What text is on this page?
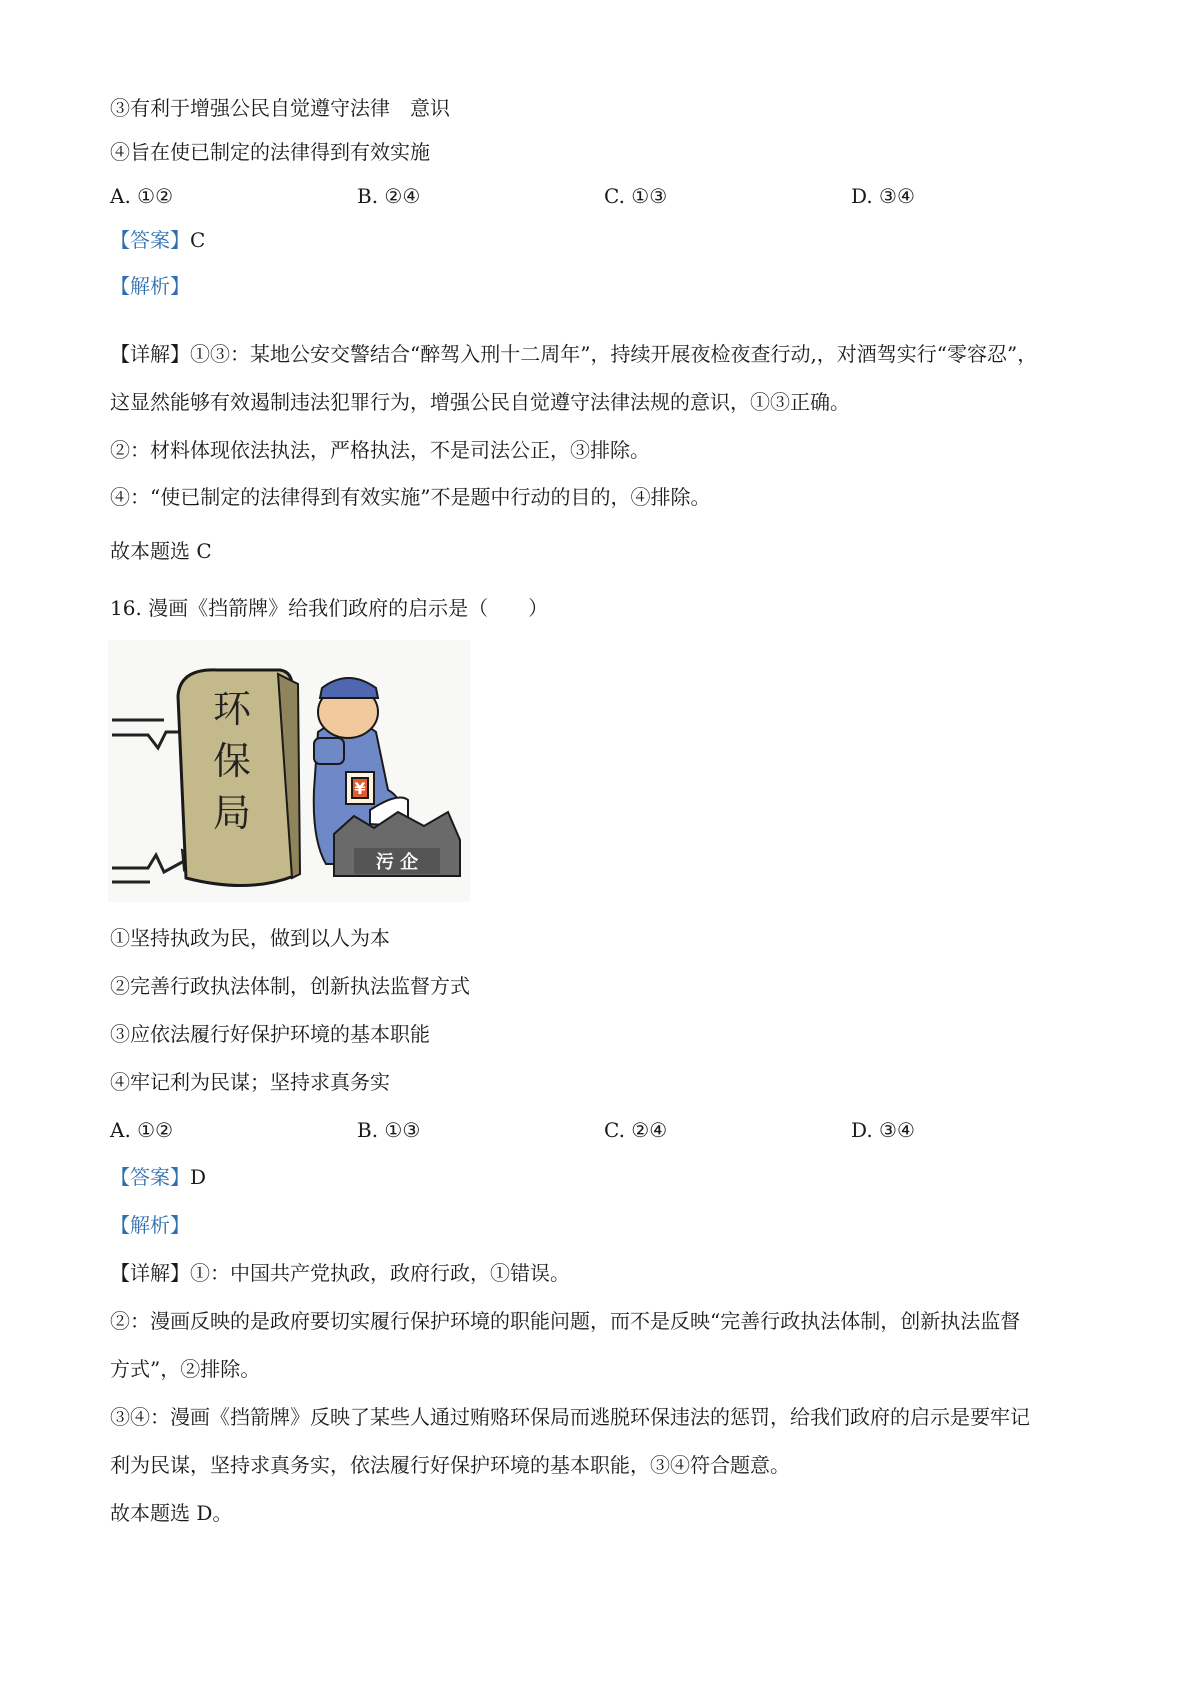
③有利于增强公民自觉遵守法律　意识
④旨在使已制定的法律得到有效实施
A. ①②	B. ②④	C. ①③	D. ③④
【答案】C
【解析】
【详解】①③：某地公安交警结合“醉驾入刑十二周年”，持续开展夜检夜查行动,，对酒驾实行“零容忍”，
这显然能够有效遏制违法犯罪行为，增强公民自觉遵守法律法规的意识，①③正确。
②：材料体现依法执法，严格执法，不是司法公正，③排除。
④：“使已制定的法律得到有效实施”不是题中行动的目的，④排除。
故本题选 C
16. 漫画《挡箭牌》给我们政府的启示是（　　）
¥
污 企
环
保
局
①坚持执政为民，做到以人为本
②完善行政执法体制，创新执法监督方式
③应依法履行好保护环境的基本职能
④牢记利为民谋；坚持求真务实
A. ①②	B. ①③	C. ②④	D. ③④
【答案】D
【解析】
【详解】①：中国共产党执政，政府行政，①错误。
②：漫画反映的是政府要切实履行保护环境的职能问题，而不是反映“完善行政执法体制，创新执法监督
方式”，②排除。
③④：漫画《挡箭牌》反映了某些人通过贿赂环保局而逃脱环保违法的惩罚，给我们政府的启示是要牢记
利为民谋，坚持求真务实，依法履行好保护环境的基本职能，③④符合题意。
故本题选 D。
